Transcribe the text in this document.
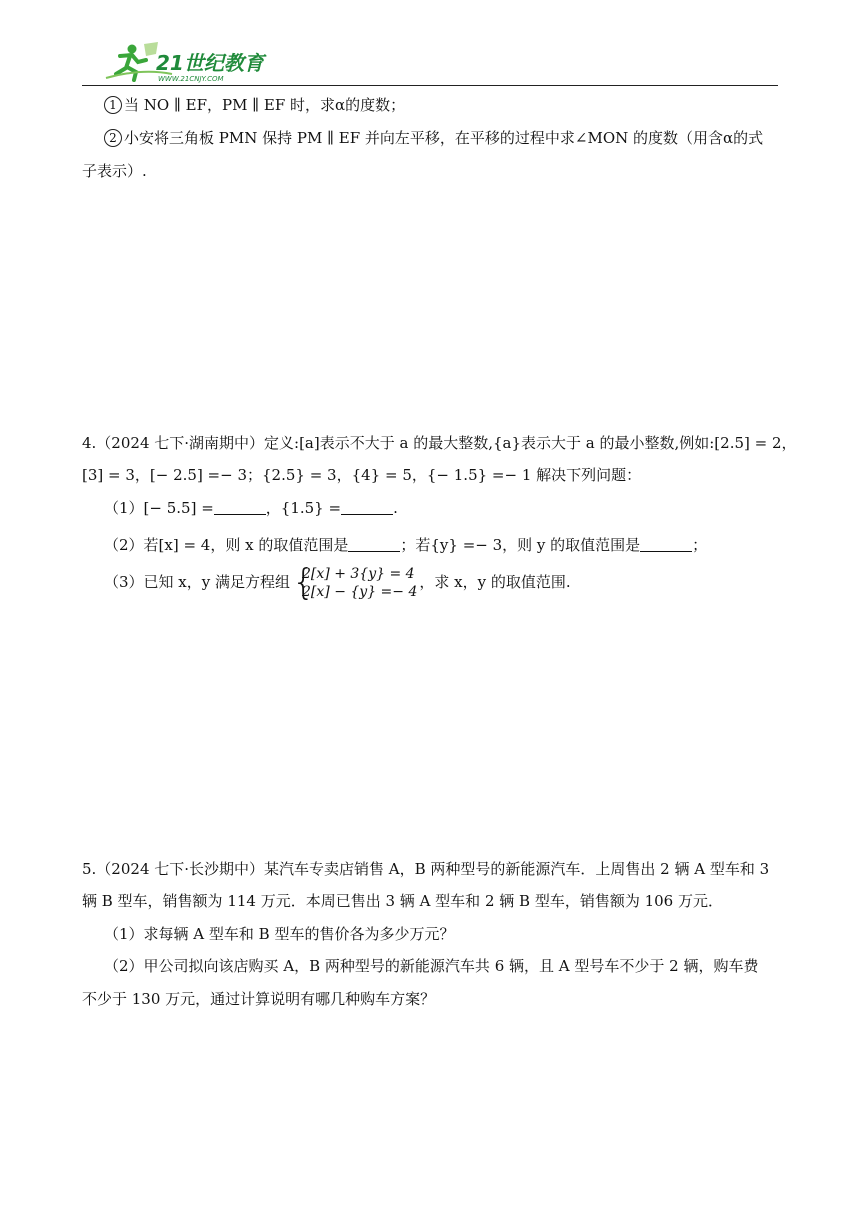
21世纪教育
WWW.21CNJY.COM
1 当 NO ∥ EF，PM ∥ EF 时，求α的度数；
2 小安将三角板 PMN 保持 PM ∥ EF 并向左平移，在平移的过程中求∠MON 的度数（用含α的式
子表示）.
4.（2024 七下·湖南期中）定义:[a]表示不大于 a 的最大整数,{a}表示大于 a 的最小整数,例如:[2.5] = 2，
[3] = 3，[− 2.5] =− 3；{2.5} = 3，{4} = 5，{− 1.5} =− 1 解决下列问题：
（1）[− 5.5] =	，{1.5} =	.
（2）若[x] = 4，则 x 的取值范围是	；若{y} =− 3，则 y 的取值范围是	；
（3）已知 x，y 满足方程组 {
2[x] + 3{y} = 4
2[x] − {y} =− 4
，求 x，y 的取值范围.
5.（2024 七下·长沙期中）某汽车专卖店销售 A，B 两种型号的新能源汽车．上周售出 2 辆 A 型车和 3
辆 B 型车，销售额为 114 万元．本周已售出 3 辆 A 型车和 2 辆 B 型车，销售额为 106 万元．
（1）求每辆 A 型车和 B 型车的售价各为多少万元？
（2）甲公司拟向该店购买 A，B 两种型号的新能源汽车共 6 辆，且 A 型号车不少于 2 辆，购车费
不少于 130 万元，通过计算说明有哪几种购车方案？
